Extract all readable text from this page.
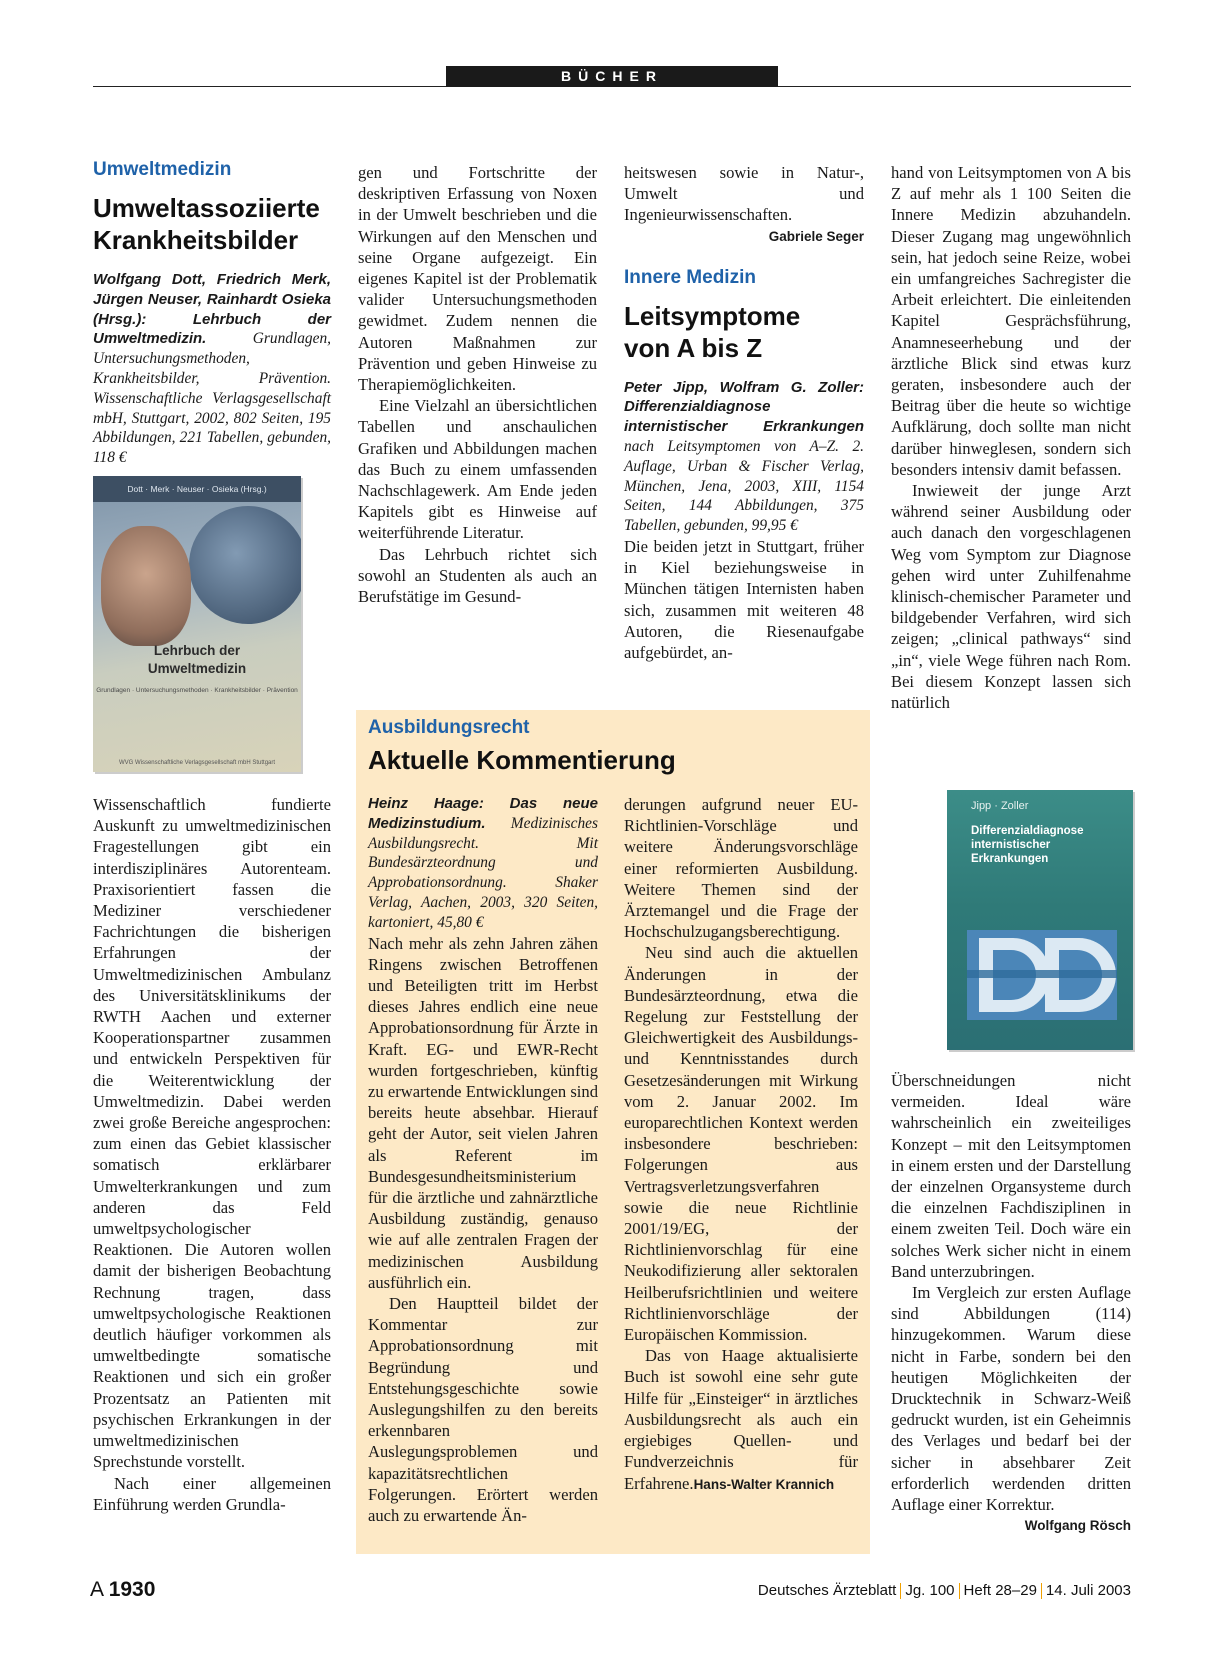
BÜCHER
Umweltmedizin
Umweltassoziierte Krankheitsbilder

Wolfgang Dott, Friedrich Merk, Jürgen Neuser, Rainhardt Osieka (Hrsg.): Lehrbuch der Umweltmedizin.	Grundlagen, Untersuchungsmethoden, Krankheitsbilder, Prävention. Wissenschaftliche Verlagsgesellschaft mbH, Stuttgart, 2002, 802 Seiten, 195 Abbildungen, 221 Tabellen, gebunden, 118 €

Dott · Merk · Neuser · Osieka (Hrsg.)
Lehrbuch der
Umweltmedizin
Grundlagen · Untersuchungsmethoden · Krankheitsbilder · Prävention
WVG Wissenschaftliche Verlagsgesellschaft mbH Stuttgart

Wissenschaftlich fundierte Auskunft zu umweltmedizinischen Fragestellungen gibt ein interdisziplinäres Autorenteam. Praxisorientiert fassen die Mediziner verschiedener Fachrichtungen die bisherigen Erfahrungen der Umweltmedizinischen Ambulanz des Universitätsklinikums der RWTH Aachen und externer Kooperationspartner zusammen und entwickeln Perspektiven für die Weiterentwicklung der Umweltmedizin. Dabei werden zwei große Bereiche angesprochen: zum einen das Gebiet klassischer somatisch erklärbarer Umwelterkrankungen und zum anderen das Feld umweltpsychologischer Reaktionen. Die Autoren wollen damit der bisherigen Beobachtung Rechnung tragen, dass umweltpsychologische Reaktionen deutlich häufiger vorkommen als umweltbedingte somatische Reaktionen und sich ein großer Prozentsatz an Patienten mit psychischen Erkrankungen in der umweltmedizinischen Sprechstunde vorstellt.

Nach einer allgemeinen Einführung werden Grundla-

gen und Fortschritte der deskriptiven Erfassung von Noxen in der Umwelt beschrieben und die Wirkungen auf den Menschen und seine Organe aufgezeigt. Ein eigenes Kapitel ist der Problematik valider Untersuchungsmethoden gewidmet. Zudem nennen die Autoren Maßnahmen zur Prävention und geben Hinweise zu Therapiemöglichkeiten.

Eine Vielzahl an übersichtlichen Tabellen und anschaulichen Grafiken und Abbildungen machen das Buch zu einem umfassenden Nachschlagewerk. Am Ende jeden Kapitels gibt es Hinweise auf weiterführende Literatur.

Das Lehrbuch richtet sich sowohl an Studenten als auch an Berufstätige im Gesund-

heitswesen sowie in Natur-, Umwelt und Ingenieurwissenschaften.
Gabriele Seger

Innere Medizin
Leitsymptome
von A bis Z

Peter Jipp, Wolfram G. Zoller: Differenzialdiagnose internistischer Erkrankungen nach Leitsymptomen von A–Z. 2. Auflage, Urban & Fischer Verlag, München, Jena, 2003, XIII, 1154 Seiten, 144 Abbildungen, 375 Tabellen, gebunden, 99,95 €

Die beiden jetzt in Stuttgart, früher in Kiel beziehungsweise in München tätigen Internisten haben sich, zusammen mit weiteren 48 Autoren, die Riesenaufgabe aufgebürdet, an-

hand von Leitsymptomen von A bis Z auf mehr als 1 100 Seiten die Innere Medizin abzuhandeln. Dieser Zugang mag ungewöhnlich sein, hat jedoch seine Reize, wobei ein umfangreiches Sachregister die Arbeit erleichtert. Die einleitenden Kapitel Gesprächsführung, Anamneseerhebung und der ärztliche Blick sind etwas kurz geraten, insbesondere auch der Beitrag über die heute so wichtige Aufklärung, doch sollte man nicht darüber hinweglesen, sondern sich besonders intensiv damit befassen.

Inwieweit der junge Arzt während seiner Ausbildung oder auch danach den vorgeschlagenen Weg vom Symptom zur Diagnose gehen wird unter Zuhilfenahme klinisch-chemischer Parameter und bildgebender Verfahren, wird sich zeigen; „clinical pathways“ sind „in“, viele Wege führen nach Rom. Bei diesem Konzept lassen sich natürlich

Jipp · Zoller
Differenzialdiagnose internistischer Erkrankungen

Überschneidungen nicht vermeiden. Ideal wäre wahrscheinlich ein zweiteiliges Konzept – mit den Leitsymptomen in einem ersten und der Darstellung der einzelnen Organsysteme durch die einzelnen Fachdisziplinen in einem zweiten Teil. Doch wäre ein solches Werk sicher nicht in einem Band unterzubringen.

Im Vergleich zur ersten Auflage sind Abbildungen (114) hinzugekommen. Warum diese nicht in Farbe, sondern bei den heutigen Möglichkeiten der Drucktechnik in Schwarz-Weiß gedruckt wurden, ist ein Geheimnis des Verlages und bedarf bei der sicher in absehbarer Zeit erforderlich werdenden dritten Auflage einer Korrektur.
Wolfgang Rösch

Ausbildungsrecht
Aktuelle Kommentierung

Heinz Haage: Das neue Medizinstudium. Medizinisches Ausbildungsrecht. Mit Bundesärzteordnung und Approbationsordnung. Shaker Verlag, Aachen, 2003, 320 Seiten, kartoniert, 45,80 €

Nach mehr als zehn Jahren zähen Ringens zwischen Betroffenen und Beteiligten tritt im Herbst dieses Jahres endlich eine neue Approbationsordnung für Ärzte in Kraft. EG- und EWR-Recht wurden fortgeschrieben, künftig zu erwartende Entwicklungen sind bereits heute absehbar. Hierauf geht der Autor, seit vielen Jahren als Referent im Bundesgesundheitsministerium für die ärztliche und zahnärztliche Ausbildung zuständig, genauso wie auf alle zentralen Fragen der medizinischen Ausbildung ausführlich ein.

Den Hauptteil bildet der Kommentar zur Approbationsordnung mit Begründung und Entstehungsgeschichte sowie Auslegungshilfen zu den bereits erkennbaren Auslegungsproblemen und kapazitätsrechtlichen Folgerungen. Erörtert werden auch zu erwartende Än-

derungen aufgrund neuer EU-Richtlinien-Vorschläge und weitere Änderungsvorschläge einer reformierten Ausbildung. Weitere Themen sind der Ärztemangel und die Frage der Hochschulzugangsberechtigung.

Neu sind auch die aktuellen Änderungen in der Bundesärzteordnung, etwa die Regelung zur Feststellung der Gleichwertigkeit des Ausbildungs- und Kenntnisstandes durch Gesetzesänderungen mit Wirkung vom 2. Januar 2002. Im europarechtlichen Kontext werden insbesondere beschrieben: Folgerungen aus Vertragsverletzungsverfahren sowie die neue Richtlinie 2001/19/EG, der Richtlinienvorschlag für eine Neukodifizierung aller sektoralen Heilberufsrichtlinien und weitere Richtlinienvorschläge der Europäischen Kommission.

Das von Haage aktualisierte Buch ist sowohl eine sehr gute Hilfe für „Einsteiger“ in ärztliches Ausbildungsrecht als auch ein ergiebiges Quellen- und Fundverzeichnis für Erfahrene.Hans-Walter Krannich

A 1930	Deutsches Ärzteblatt Jg. 100 Heft 28–29 14. Juli 2003
